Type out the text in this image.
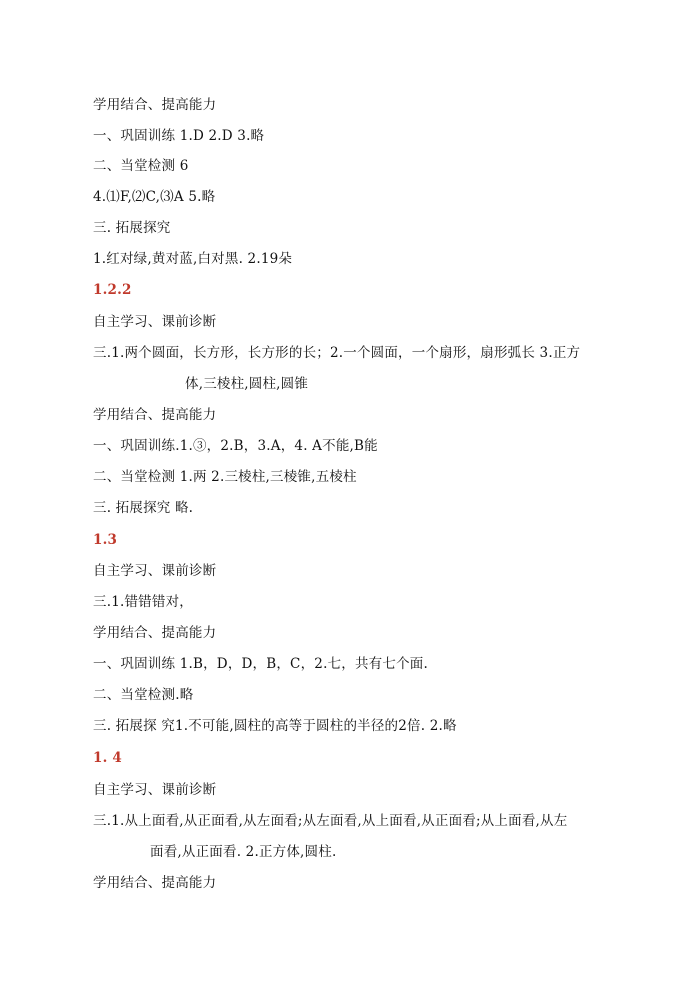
学用结合、提高能力
一、巩固训练 1.D 2.D 3.略
二、当堂检测 6
4.⑴F,⑵C,⑶A 5.略
三. 拓展探究
1.红对绿,黄对蓝,白对黑. 2.19朵
1.2.2
自主学习、课前诊断
三.1.两个圆面，长方形，长方形的长；2.一个圆面，一个扇形，扇形弧长 3.正方
体,三棱柱,圆柱,圆锥
学用结合、提高能力
一、巩固训练.1.③，2.B，3.A，4. A不能,B能
二、当堂检测 1.两 2.三棱柱,三棱锥,五棱柱
三. 拓展探究 略.
1.3
自主学习、课前诊断
三.1.错错错对，
学用结合、提高能力
一、巩固训练 1.B，D，D，B，C，2.七，共有七个面.
二、当堂检测.略
三. 拓展探 究1.不可能,圆柱的高等于圆柱的半径的2倍. 2.略
1. 4
自主学习、课前诊断
三.1.从上面看,从正面看,从左面看;从左面看,从上面看,从正面看;从上面看,从左
面看,从正面看. 2.正方体,圆柱.
学用结合、提高能力
